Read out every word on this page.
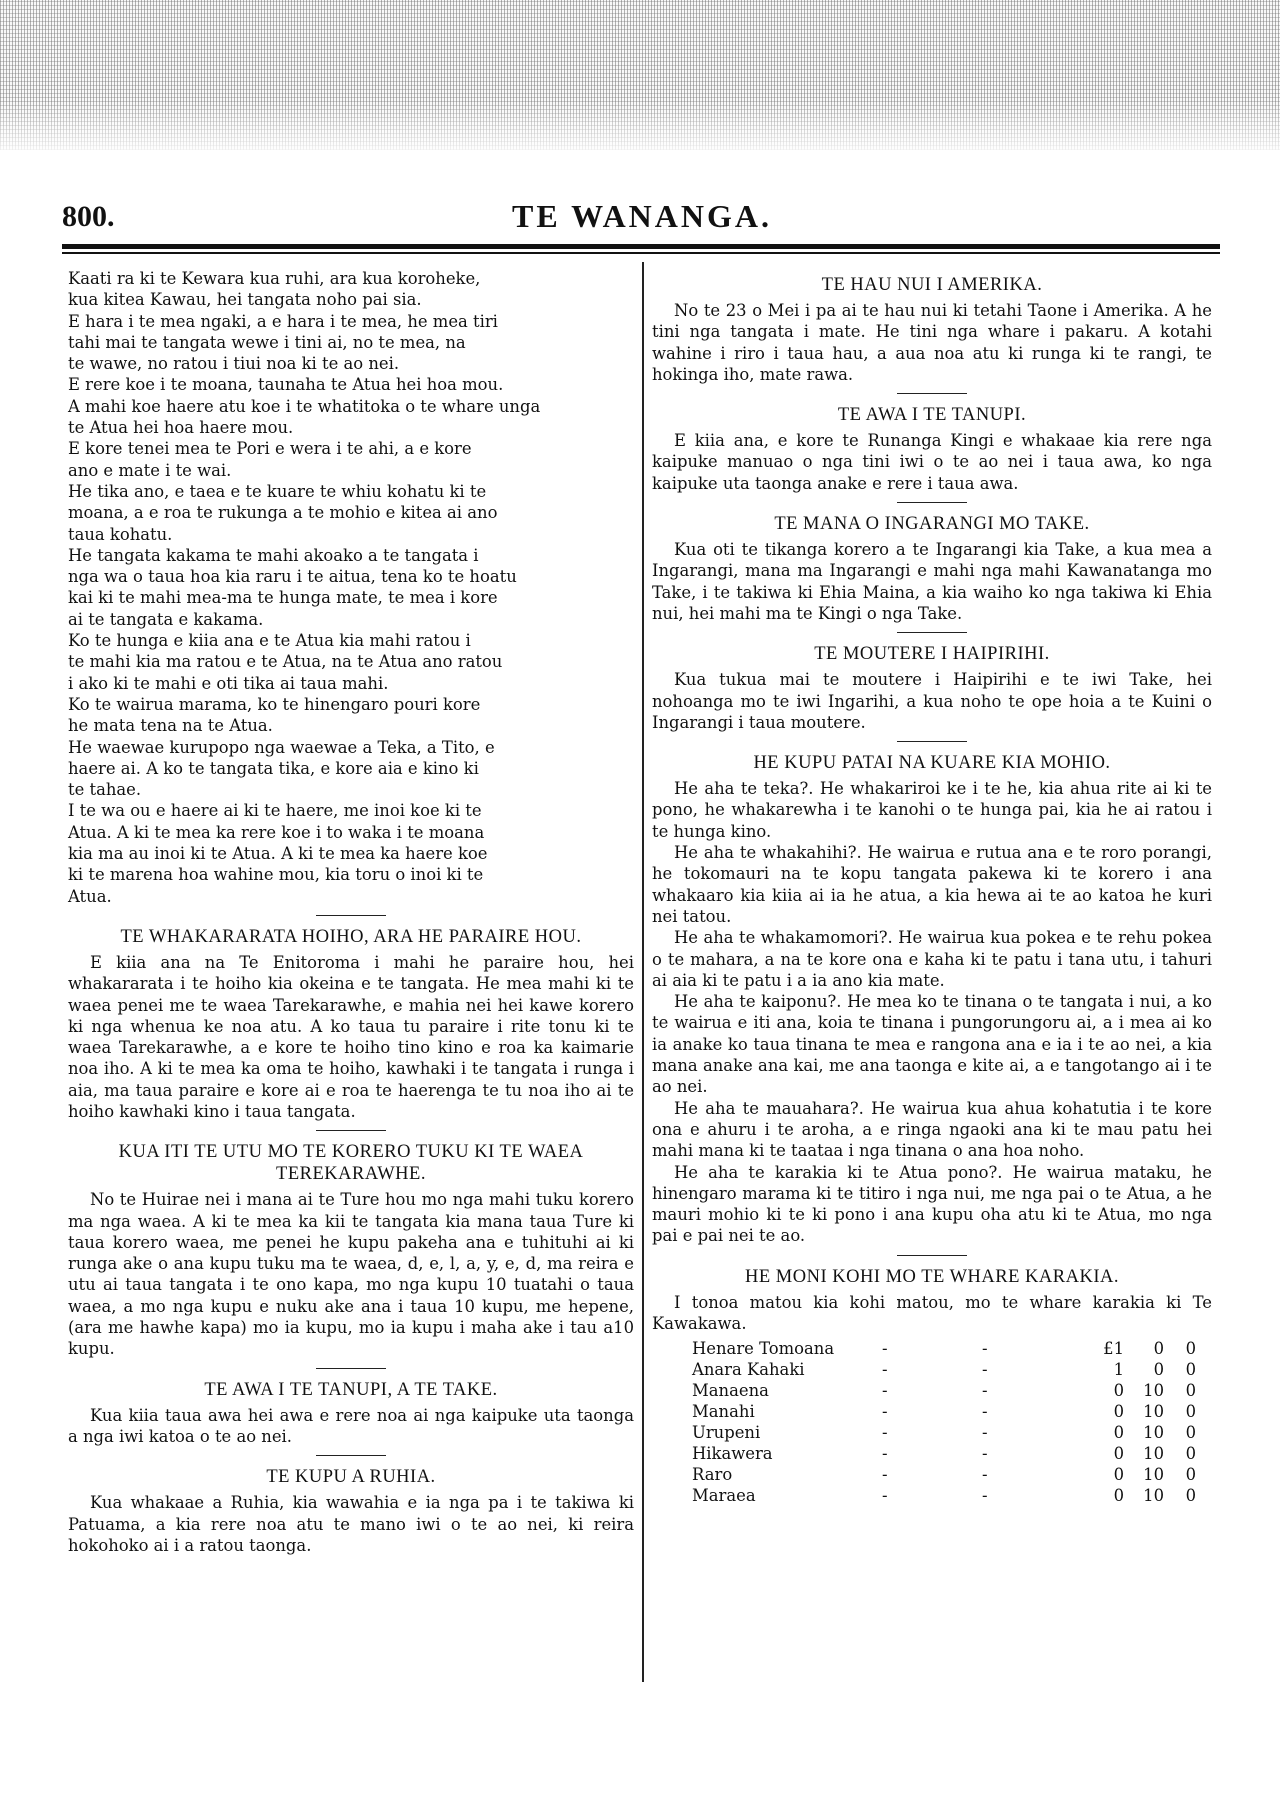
800.	TE WANANGA.
Kaati ra ki te Kewara kua ruhi, ara kua koroheke,
kua kitea Kawau, hei tangata noho pai sia.
E hara i te mea ngaki, a e hara i te mea, he mea tiri
tahi mai te tangata wewe i tini ai, no te mea, na
te wawe, no ratou i tiui noa ki te ao nei.
E rere koe i te moana, taunaha te Atua hei hoa mou.
A mahi koe haere atu koe i te whatitoka o te whare unga
te Atua hei hoa haere mou.
E kore tenei mea te Pori e wera i te ahi, a e kore
ano e mate i te wai.
He tika ano, e taea e te kuare te whiu kohatu ki te
moana, a e roa te rukunga a te mohio e kitea ai ano
taua kohatu.
He tangata kakama te mahi akoako a te tangata i
nga wa o taua hoa kia raru i te aitua, tena ko te hoatu
kai ki te mahi mea-ma te hunga mate, te mea i kore
ai te tangata e kakama.
Ko te hunga e kiia ana e te Atua kia mahi ratou i
te mahi kia ma ratou e te Atua, na te Atua ano ratou
i ako ki te mahi e oti tika ai taua mahi.
Ko te wairua marama, ko te hinengaro pouri kore
he mata tena na te Atua.
He waewae kurupopo nga waewae a Teka, a Tito, e
haere ai. A ko te tangata tika, e kore aia e kino ki
te tahae.
I te wa ou e haere ai ki te haere, me inoi koe ki te
Atua. A ki te mea ka rere koe i to waka i te moana
kia ma au inoi ki te Atua. A ki te mea ka haere koe
ki te marena hoa wahine mou, kia toru o inoi ki te
Atua.
TE WHAKARARATA HOIHO, ARA HE PARAIRE HOU.

E kiia ana na Te Enitoroma i mahi he paraire hou, hei whakararata i te hoiho kia okeina e te tangata. He mea mahi ki te waea penei me te waea Tarekarawhe, e mahia nei hei kawe korero ki nga whenua ke noa atu. A ko taua tu paraire i rite tonu ki te waea Tarekarawhe, a e kore te hoiho tino kino e roa ka kaimarie noa iho. A ki te mea ka oma te hoiho, kawhaki i te tangata i runga i aia, ma taua paraire e kore ai e roa te haerenga te tu noa iho ai te hoiho kawhaki kino i taua tangata.

KUA ITI TE UTU MO TE KORERO TUKU KI TE WAEA TEREKARAWHE.

No te Huirae nei i mana ai te Ture hou mo nga mahi tuku korero ma nga waea. A ki te mea ka kii te tangata kia mana taua Ture ki taua korero waea, me penei he kupu pakeha ana e tuhituhi ai ki runga ake o ana kupu tuku ma te waea, d, e, l, a, y, e, d, ma reira e utu ai taua tangata i te ono kapa, mo nga kupu 10 tuatahi o taua waea, a mo nga kupu e nuku ake ana i taua 10 kupu, me hepene, (ara me hawhe kapa) mo ia kupu, mo ia kupu i maha ake i tau a10 kupu.

TE AWA I TE TANUPI, A TE TAKE.

Kua kiia taua awa hei awa e rere noa ai nga kaipuke uta taonga a nga iwi katoa o te ao nei.

TE KUPU A RUHIA.

Kua whakaae a Ruhia, kia wawahia e ia nga pa i te takiwa ki Patuama, a kia rere noa atu te mano iwi o te ao nei, ki reira hokohoko ai i a ratou taonga.

TE HAU NUI I AMERIKA.

No te 23 o Mei i pa ai te hau nui ki tetahi Taone i Amerika. A he tini nga tangata i mate. He tini nga whare i pakaru. A kotahi wahine i riro i taua hau, a aua noa atu ki runga ki te rangi, te hokinga iho, mate rawa.

TE AWA I TE TANUPI.

E kiia ana, e kore te Runanga Kingi e whakaae kia rere nga kaipuke manuao o nga tini iwi o te ao nei i taua awa, ko nga kaipuke uta taonga anake e rere i taua awa.

TE MANA O INGARANGI MO TAKE.

Kua oti te tikanga korero a te Ingarangi kia Take, a kua mea a Ingarangi, mana ma Ingarangi e mahi nga mahi Kawanatanga mo Take, i te takiwa ki Ehia Maina, a kia waiho ko nga takiwa ki Ehia nui, hei mahi ma te Kingi o nga Take.

TE MOUTERE I HAIPIRIHI.

Kua tukua mai te moutere i Haipirihi e te iwi Take, hei nohoanga mo te iwi Ingarihi, a kua noho te ope hoia a te Kuini o Ingarangi i taua moutere.

HE KUPU PATAI NA KUARE KIA MOHIO.

He aha te teka?. He whakariroi ke i te he, kia ahua rite ai ki te pono, he whakarewha i te kanohi o te hunga pai, kia he ai ratou i te hunga kino.

He aha te whakahihi?. He wairua e rutua ana e te roro porangi, he tokomauri na te kopu tangata pakewa ki te korero i ana whakaaro kia kiia ai ia he atua, a kia hewa ai te ao katoa he kuri nei tatou.

He aha te whakamomori?. He wairua kua pokea e te rehu pokea o te mahara, a na te kore ona e kaha ki te patu i tana utu, i tahuri ai aia ki te patu i a ia ano kia mate.

He aha te kaiponu?. He mea ko te tinana o te tangata i nui, a ko te wairua e iti ana, koia te tinana i pungorungoru ai, a i mea ai ko ia anake ko taua tinana te mea e rangona ana e ia i te ao nei, a kia mana anake ana kai, me ana taonga e kite ai, a e tangotango ai i te ao nei.

He aha te mauahara?. He wairua kua ahua kohatutia i te kore ona e ahuru i te aroha, a e ringa ngaoki ana ki te mau patu hei mahi mana ki te taataa i nga tinana o ana hoa noho.

He aha te karakia ki te Atua pono?. He wairua mataku, he hinengaro marama ki te titiro i nga nui, me nga pai o te Atua, a he mauri mohio ki te ki pono i ana kupu oha atu ki te Atua, mo nga pai e pai nei te ao.

HE MONI KOHI MO TE WHARE KARAKIA.

I tonoa matou kia kohi matou, mo te whare karakia ki Te Kawakawa.

Henare Tomoana	-	-	£1	0	0
Anara Kahaki	-	-	1	0	0
Manaena	-	-	0	10	0
Manahi	-	-	0	10	0
Urupeni	-	-	0	10	0
Hikawera	-	-	0	10	0
Raro	-	-	0	10	0
Maraea	-	-	0	10	0
